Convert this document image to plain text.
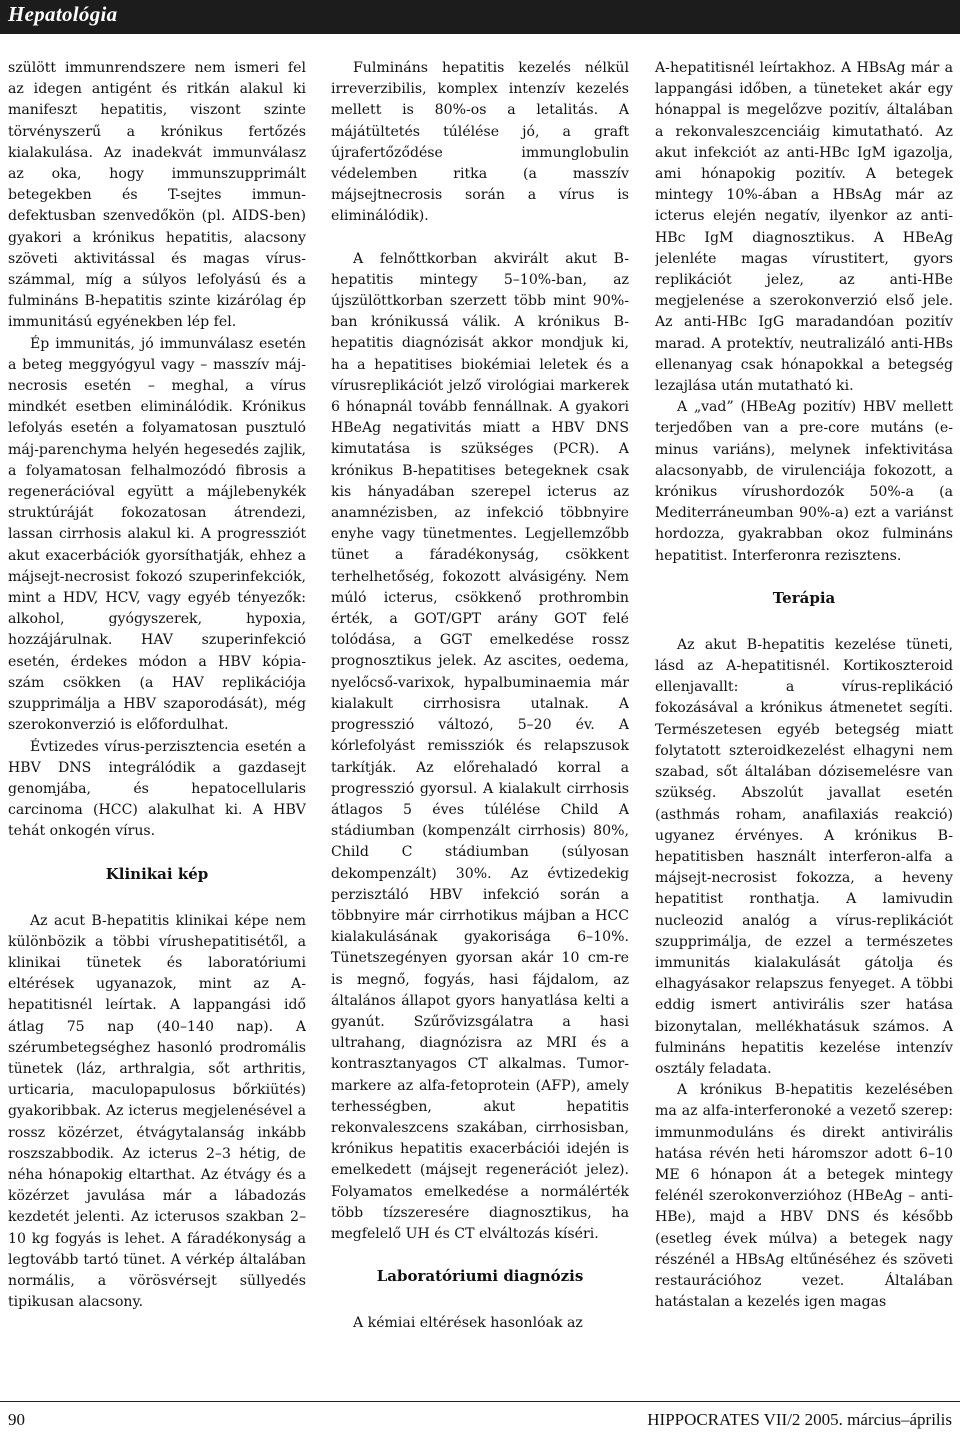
Hepatológia

szülött immunrendszere nem ismeri fel az idegen antigént és ritkán alakul ki manifeszt hepatitis, viszont szinte törvényszerű a krónikus fertőzés kialakulása. Az inadekvát immunválasz az oka, hogy immunszupprimált betegekben és T-sejtes immun-defektusban szenvedőkön (pl. AIDS-ben) gyakori a krónikus hepatitis, alacsony szöveti aktivitással és magas vírus-számmal, míg a súlyos lefolyású és a fulmináns B-hepatitis szinte kizárólag ép immunitású egyénekben lép fel.

Ép immunitás, jó immunválasz esetén a beteg meggyógyul vagy – masszív máj-necrosis esetén – meghal, a vírus mindkét esetben eliminálódik. Krónikus lefolyás esetén a folyamatosan pusztuló máj-parenchyma helyén hegesedés zajlik, a folyamatosan felhalmozódó fibrosis a regenerációval együtt a májlebenykék struktúráját fokozatosan átrendezi, lassan cirrhosis alakul ki. A progressziót akut exacerbációk gyorsíthatják, ehhez a májsejt-necrosist fokozó szuperinfekciók, mint a HDV, HCV, vagy egyéb tényezők: alkohol, gyógyszerek, hypoxia, hozzájárulnak. HAV szuperinfekció esetén, érdekes módon a HBV kópia-szám csökken (a HAV replikációja szupprimálja a HBV szaporodását), még szerokonverzió is előfordulhat.

Évtizedes vírus-perzisztencia esetén a HBV DNS integrálódik a gazdasejt genomjába, és hepatocellularis carcinoma (HCC) alakulhat ki. A HBV tehát onkogén vírus.

Klinikai kép

Az acut B-hepatitis klinikai képe nem különbözik a többi vírushepatitisétől, a klinikai tünetek és laboratóriumi eltérések ugyanazok, mint az A-hepatitisnél leírtak. A lappangási idő átlag 75 nap (40–140 nap). A szérumbetegséghez hasonló prodromális tünetek (láz, arthralgia, sőt arthritis, urticaria, maculopapulosus bőrkiütés) gyakoribbak. Az icterus megjelenésével a rossz közérzet, étvágytalanság inkább roszszabbodik. Az icterus 2–3 hétig, de néha hónapokig eltarthat. Az étvágy és a közérzet javulása már a lábadozás kezdetét jelenti. Az icterusos szakban 2–10 kg fogyás is lehet. A fáradékonyság a legtovább tartó tünet. A vérkép általában normális, a vörösvérsejt süllyedés tipikusan alacsony.

Fulmináns hepatitis kezelés nélkül irreverzibilis, komplex intenzív kezelés mellett is 80%-os a letalitás. A májátültetés túlélése jó, a graft újrafertőződése immunglobulin védelemben ritka (a masszív májsejtnecrosis során a vírus is eliminálódik).

A felnőttkorban akvirált akut B-hepatitis mintegy 5–10%-ban, az újszülöttkorban szerzett több mint 90%-ban krónikussá válik. A krónikus B-hepatitis diagnózisát akkor mondjuk ki, ha a hepatitises biokémiai leletek és a vírusreplikációt jelző virológiai markerek 6 hónapnál tovább fennállnak. A gyakori HBeAg negativitás miatt a HBV DNS kimutatása is szükséges (PCR). A krónikus B-hepatitises betegeknek csak kis hányadában szerepel icterus az anamnézisben, az infekció többnyire enyhe vagy tünetmentes. Legjellemzőbb tünet a fáradékonyság, csökkent terhelhetőség, fokozott alvásigény. Nem múló icterus, csökkenő prothrombin érték, a GOT/GPT arány GOT felé tolódása, a GGT emelkedése rossz prognosztikus jelek. Az ascites, oedema, nyelőcső-varixok, hypalbuminaemia már kialakult cirrhosisra utalnak. A progresszió változó, 5–20 év. A kórlefolyást remissziók és relapszusok tarkítják. Az előrehaladó korral a progresszió gyorsul. A kialakult cirrhosis átlagos 5 éves túlélése Child A stádiumban (kompenzált cirrhosis) 80%, Child C stádiumban (súlyosan dekompenzált) 30%. Az évtizedekig perzisztáló HBV infekció során a többnyire már cirrhotikus májban a HCC kialakulásának gyakorisága 6–10%. Tünetszegényen gyorsan akár 10 cm-re is megnő, fogyás, hasi fájdalom, az általános állapot gyors hanyatlása kelti a gyanút. Szűrővizsgálatra a hasi ultrahang, diagnózisra az MRI és a kontrasztanyagos CT alkalmas. Tumor-markere az alfa-fetoprotein (AFP), amely terhességben, akut hepatitis rekonvaleszcens szakában, cirrhosisban, krónikus hepatitis exacerbációi idején is emelkedett (májsejt regenerációt jelez). Folyamatos emelkedése a normálérték több tízszeresére diagnosztikus, ha megfelelő UH és CT elváltozás kíséri.

Laboratóriumi diagnózis

A kémiai eltérések hasonlóak az

A-hepatitisnél leírtakhoz. A HBsAg már a lappangási időben, a tüneteket akár egy hónappal is megelőzve pozitív, általában a rekonvaleszcenciáig kimutatható. Az akut infekciót az anti-HBc IgM igazolja, ami hónapokig pozitív. A betegek mintegy 10%-ában a HBsAg már az icterus elején negatív, ilyenkor az anti-HBc IgM diagnosztikus. A HBeAg jelenléte magas vírustitert, gyors replikációt jelez, az anti-HBe megjelenése a szerokonverzió első jele. Az anti-HBc IgG maradandóan pozitív marad. A protektív, neutralizáló anti-HBs ellenanyag csak hónapokkal a betegség lezajlása után mutatható ki.

A „vad” (HBeAg pozitív) HBV mellett terjedőben van a pre-core mutáns (e-minus variáns), melynek infektivitása alacsonyabb, de virulenciája fokozott, a krónikus vírushordozók 50%-a (a Mediterráneumban 90%-a) ezt a variánst hordozza, gyakrabban okoz fulmináns hepatitist. Interferonra rezisztens.

Terápia

Az akut B-hepatitis kezelése tüneti, lásd az A-hepatitisnél. Kortikoszteroid ellenjavallt: a vírus-replikáció fokozásával a krónikus átmenetet segíti. Természetesen egyéb betegség miatt folytatott szteroidkezelést elhagyni nem szabad, sőt általában dózisemelésre van szükség. Abszolút javallat esetén (asthmás roham, anafilaxiás reakció) ugyanez érvényes. A krónikus B-hepatitisben használt interferon-alfa a májsejt-necrosist fokozza, a heveny hepatitist ronthatja. A lamivudin nucleozid analóg a vírus-replikációt szupprimálja, de ezzel a természetes immunitás kialakulását gátolja és elhagyásakor relapszus fenyeget. A többi eddig ismert antivirális szer hatása bizonytalan, mellékhatásuk számos. A fulmináns hepatitis kezelése intenzív osztály feladata.

A krónikus B-hepatitis kezelésében ma az alfa-interferonoké a vezető szerep: immunmoduláns és direkt antivirális hatása révén heti háromszor adott 6–10 ME 6 hónapon át a betegek mintegy felénél szerokonverzióhoz (HBeAg – anti-HBe), majd a HBV DNS és később (esetleg évek múlva) a betegek nagy részénél a HBsAg eltűnéséhez és szöveti restaurációhoz vezet. Általában hatástalan a kezelés igen magas

90	HIPPOCRATES VII/2 2005. március–április
